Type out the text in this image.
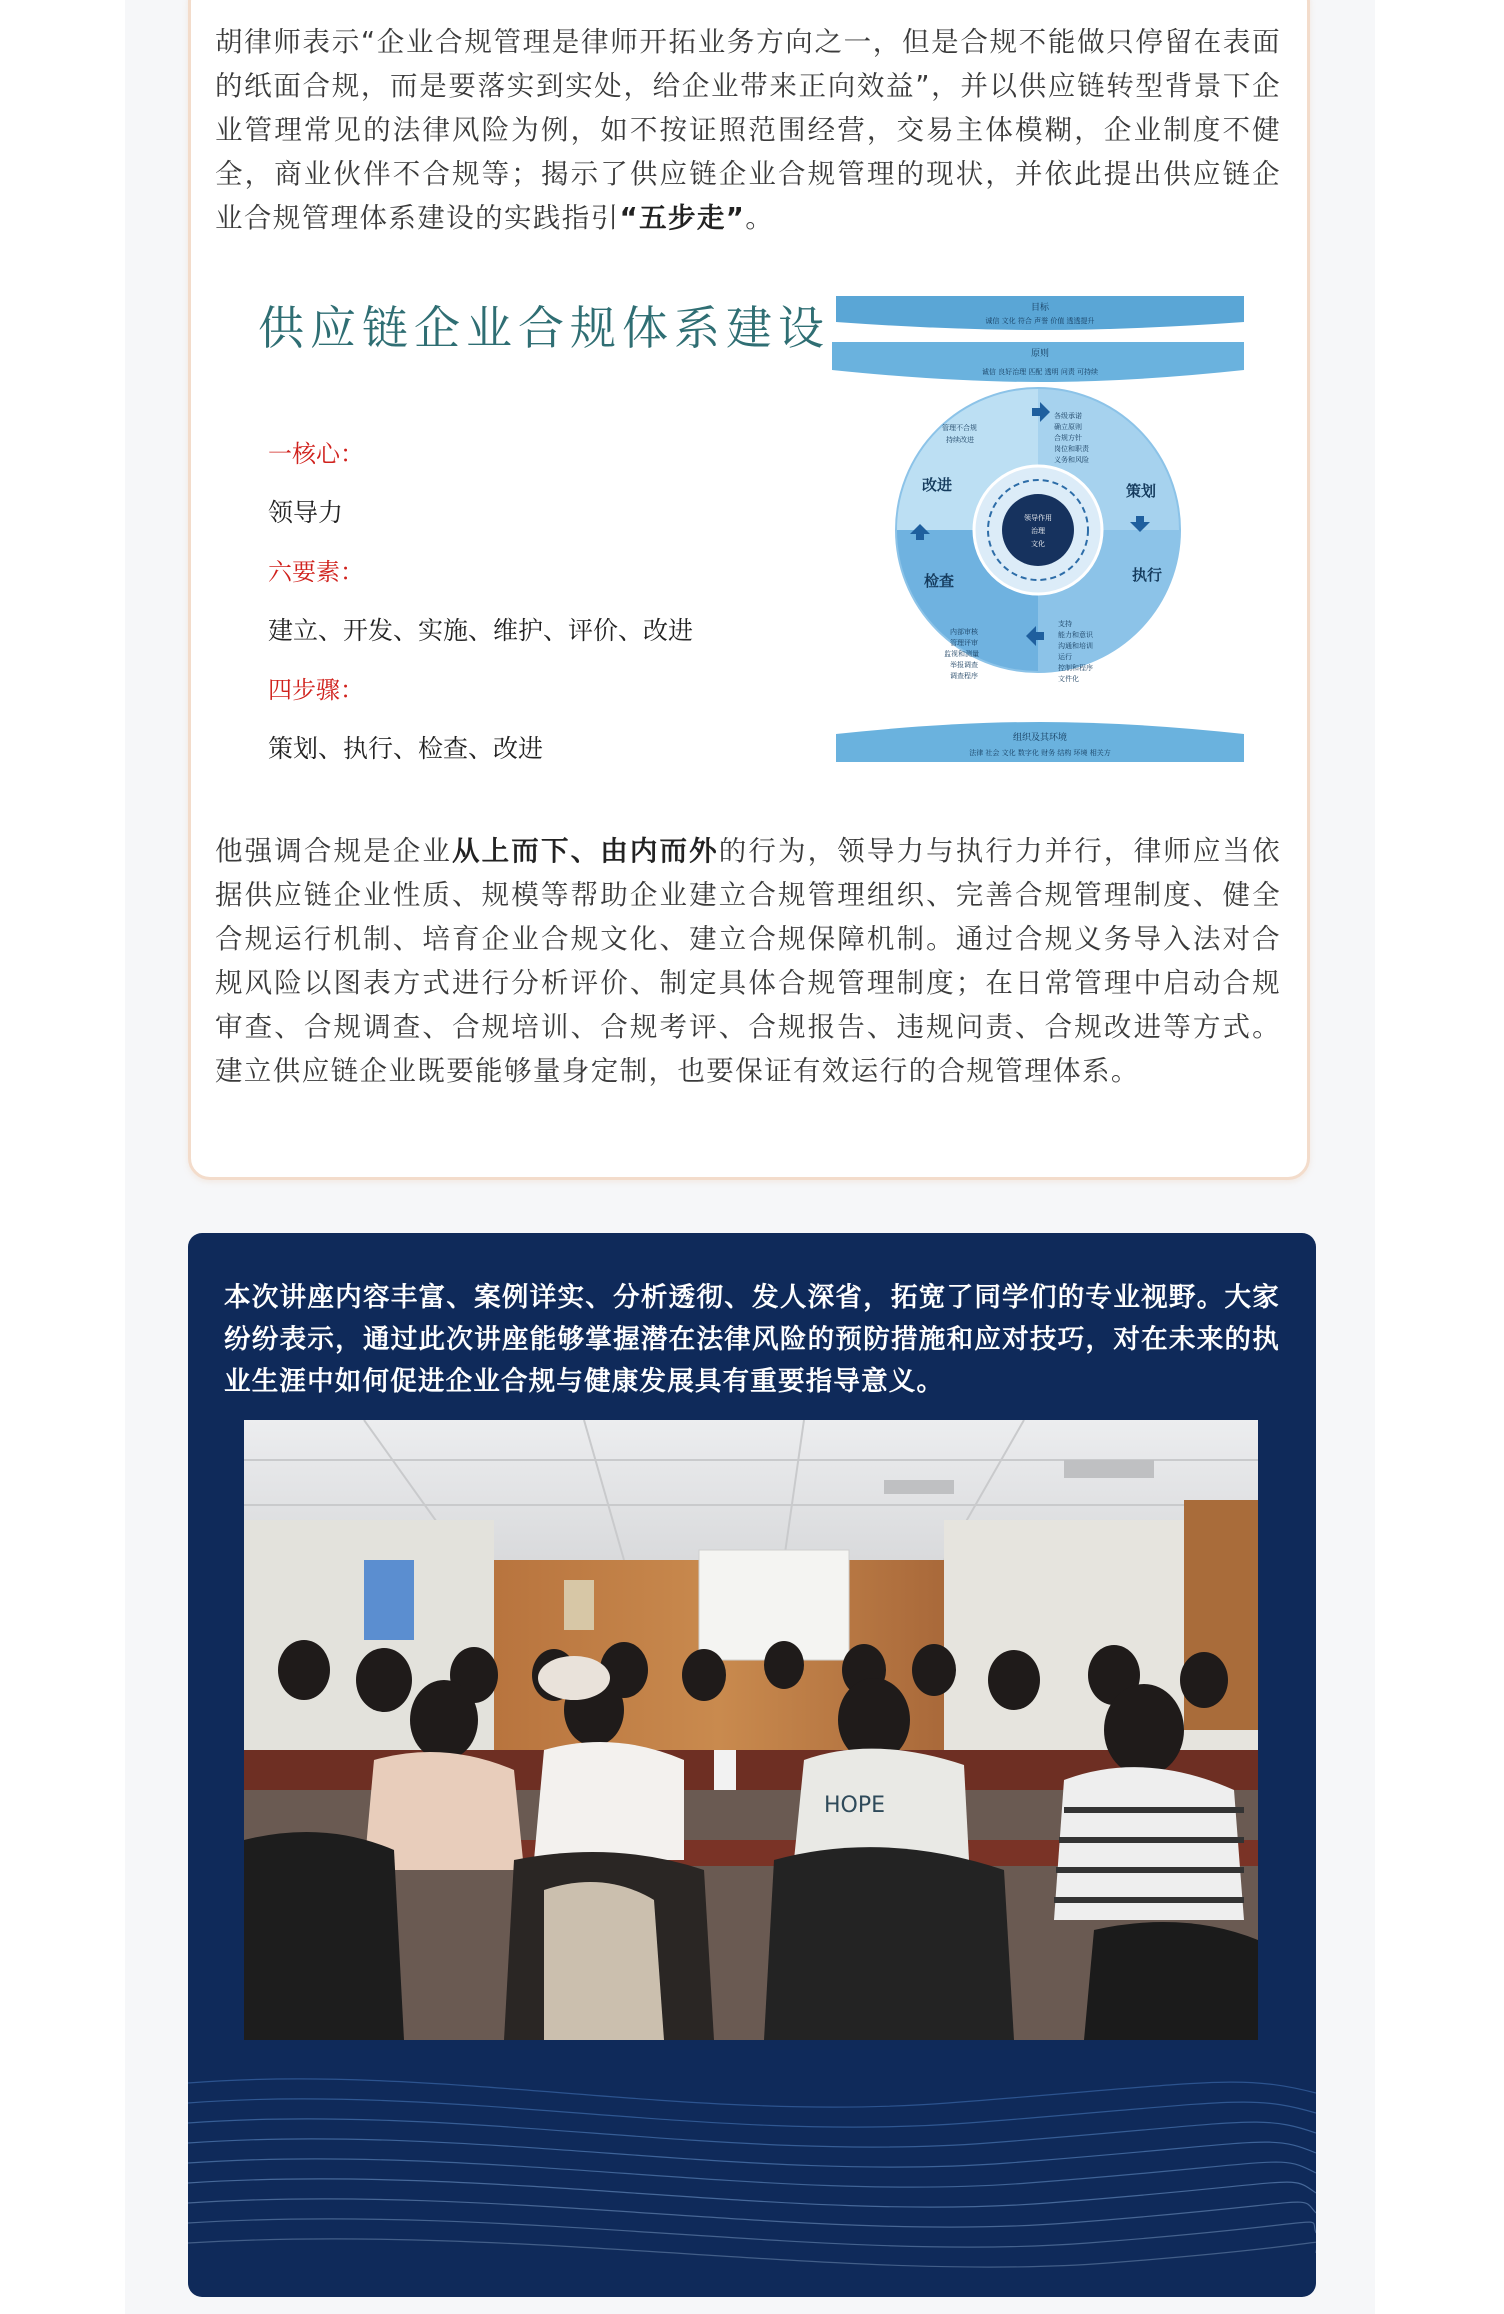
胡律师表示“企业合规管理是律师开拓业务方向之一，但是合规不能做只停留在表面的纸面合规，而是要落实到实处，给企业带来正向效益”，并以供应链转型背景下企业管理常见的法律风险为例，如不按证照范围经营，交易主体模糊，企业制度不健全，商业伙伴不合规等；揭示了供应链企业合规管理的现状，并依此提出供应链企业合规管理体系建设的实践指引“五步走”。

供应链企业合规体系建设
一核心：
领导力
六要素：
建立、开发、实施、维护、评价、改进
四步骤：
策划、执行、检查、改进
目标
诚信 文化 符合 声誉 价值 透透提升
原则
诚信 良好治理 匹配 透明 问责 可持续
领导作用
治理
文化
改进	策划
检查	执行
管理不合规
持续改进
各级承诺
确立原则
合规方针
岗位和职责
义务和风险
内部审核
管理评审
监视和测量
举报调查
调查程序
支持
能力和意识
沟通和培训
运行
控制和程序
文件化
组织及其环境
法律 社会 文化 数字化 财务 结构 环境 相关方

他强调合规是企业从上而下、由内而外的行为，领导力与执行力并行，律师应当依据供应链企业性质、规模等帮助企业建立合规管理组织、完善合规管理制度、健全合规运行机制、培育企业合规文化、建立合规保障机制。通过合规义务导入法对合规风险以图表方式进行分析评价、制定具体合规管理制度；在日常管理中启动合规审查、合规调查、合规培训、合规考评、合规报告、违规问责、合规改进等方式。建立供应链企业既要能够量身定制，也要保证有效运行的合规管理体系。

本次讲座内容丰富、案例详实、分析透彻、发人深省，拓宽了同学们的专业视野。大家纷纷表示，通过此次讲座能够掌握潜在法律风险的预防措施和应对技巧，对在未来的执业生涯中如何促进企业合规与健康发展具有重要指导意义。

HOPE
